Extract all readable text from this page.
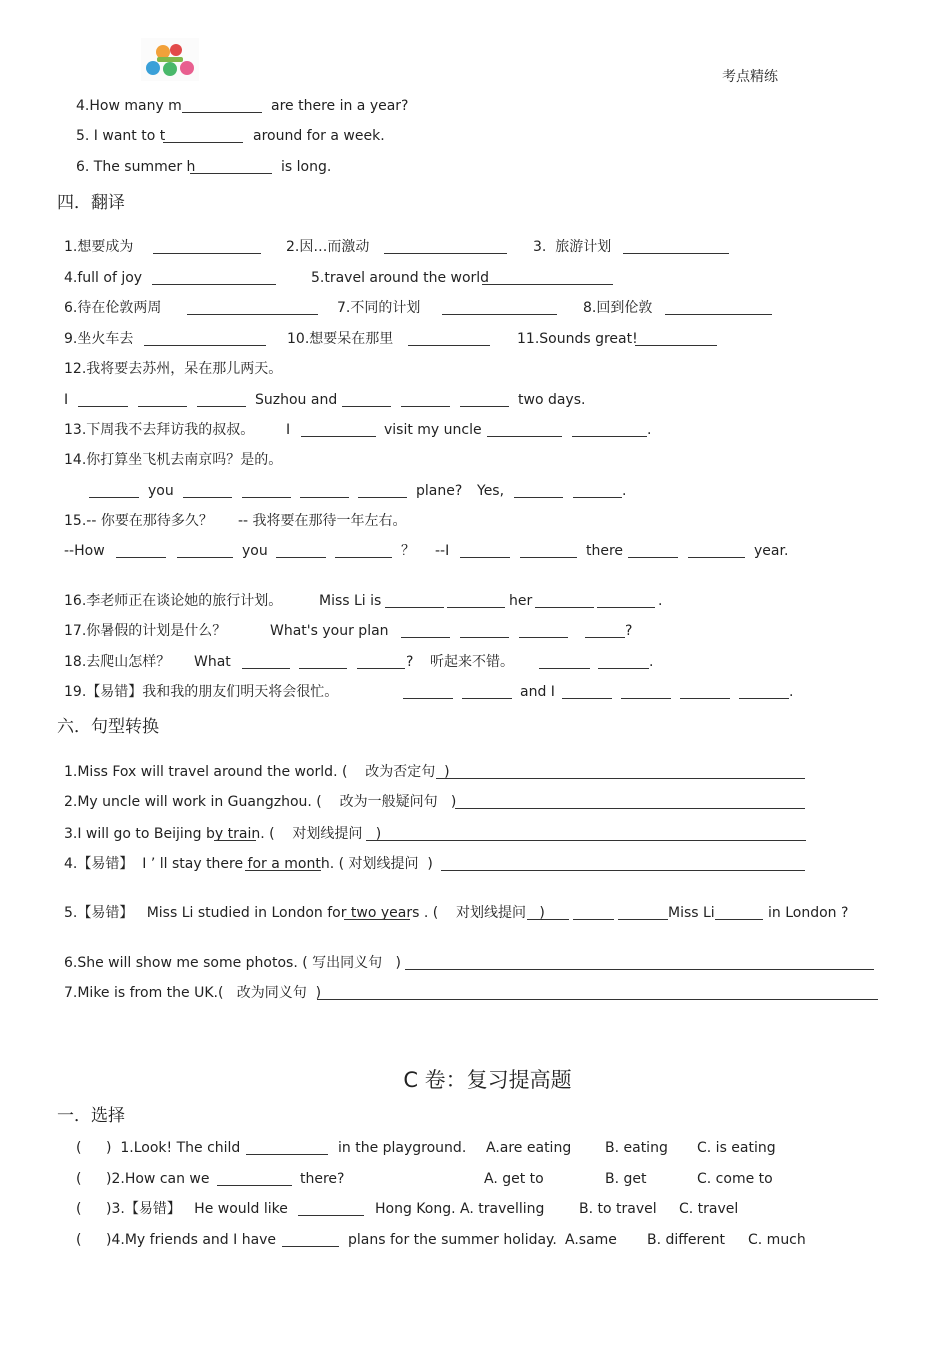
考点精练
4.How many m	are there in a year?
5. I want to t	around for a week.
6. The summer h	is long.
四．翻译
1.想要成为	2.因…而激动	3.  旅游计划
4.full of joy	5.travel around the world
6.待在伦敦两周	7.不同的计划	8.回到伦敦
9.坐火车去	10.想要呆在那里	11.Sounds great!
12.我将要去苏州，呆在那儿两天。
I	Suzhou and	two days.
13.下周我不去拜访我的叔叔。 I	visit my uncle	.
14.你打算坐飞机去南京吗？是的。
you	plane? Yes,	.
15.-- 你要在那待多久？ -- 我将要在那待一年左右。
--How	you	？ --I	there	year.
16.李老师正在谈论她的旅行计划。	Miss Li is	her	.
17.你暑假的计划是什么？	What's your plan	?
18.去爬山怎样？ What	? 听起来不错。	.
19.【易错】我和我的朋友们明天将会很忙。	and I	.
六．句型转换
1.Miss Fox will travel around the world. (    改为否定句  )
2.My uncle will work in Guangzhou. (    改为一般疑问句   )
3.I will go to Beijing by train. (    对划线提问   )
4.【易错】  I ’ ll stay there for a month. ( 对划线提问  )
5.【易错】   Miss Li studied in London for two years . (    对划线提问   )	Miss Li	in London ?
6.She will show me some photos. ( 写出同义句   )
7.Mike is from the UK.(   改为同义句  )
C 卷：复习提高题
一．选择
( )  1.Look! The child	in the playground. A.are eating B. eating C. is eating
( )2.How can we	there?	A. get to	B. get	C. come to
( )3.【易错】   He would like	Hong Kong. A. travelling B. to travel C. travel
( )4.My friends and I have	plans for the summer holiday. A.same B. different C. much
